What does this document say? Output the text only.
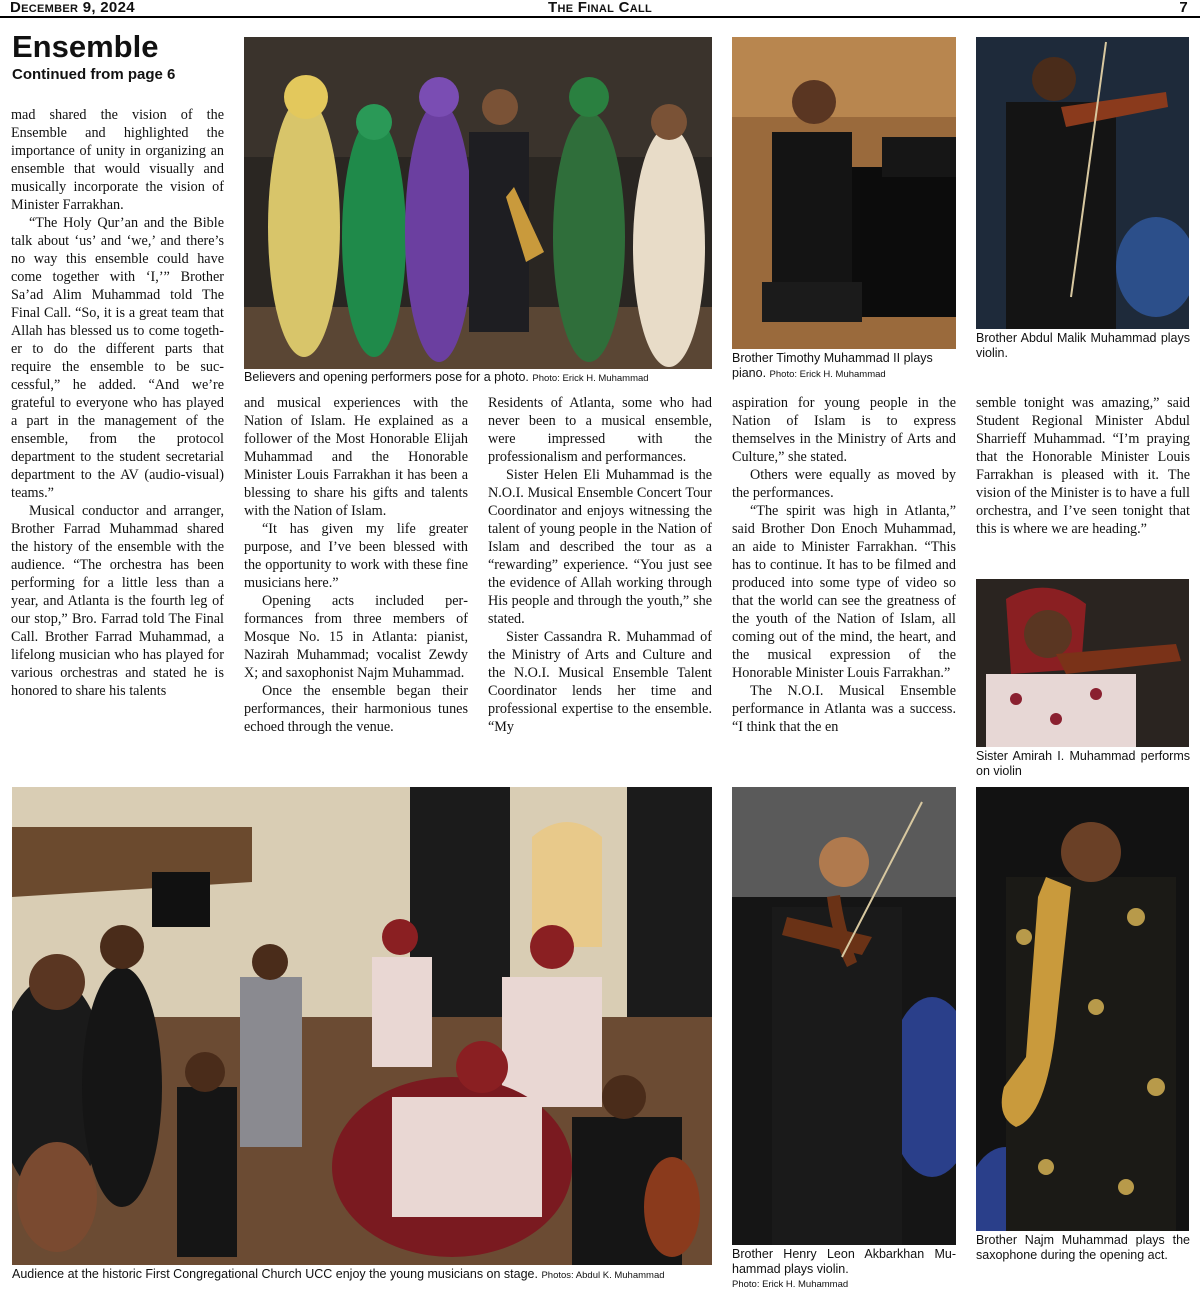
December 9, 2024	The Final Call	7
Ensemble
Continued from page 6

mad shared the vision of the Ensemble and highlighted the importance of unity in organizing an ensemble that would visually and musically incorporate the vision of Minister Farrakhan.

“The Holy Qur’an and the Bible talk about ‘us’ and ‘we,’ and there’s no way this ensemble could have come together with ‘I,’” Brother Sa’ad Alim Muhammad told The Final Call. “So, it is a great team that Allah has blessed us to come together to do the different parts that require the ensemble to be successful,” he added. “And we’re grateful to everyone who has played a part in the management of the ensemble, from the protocol department to the student secretarial department to the AV (audio-visual) teams.”

Musical conductor and arranger, Brother Farrad Muhammad shared the history of the ensemble with the audience. “The orchestra has been performing for a little less than a year, and Atlanta is the fourth leg of our stop,” Bro. Farrad told The Final Call. Brother Farrad Muhammad, a lifelong musician who has played for various orchestras and stated he is honored to share his talents

Believers and opening performers pose for a photo. Photo: Erick H. Muhammad
Brother Timothy Muhammad II plays piano. Photo: Erick H. Muhammad
Brother Abdul Malik Muhammad plays violin.

and musical experiences with the Nation of Islam. He explained as a follower of the Most Honorable Elijah Muhammad and the Honorable Minister Louis Farrakhan it has been a blessing to share his gifts and talents with the Nation of Islam.

“It has given my life greater purpose, and I’ve been blessed with the opportunity to work with these fine musicians here.”

Opening acts included performances from three members of Mosque No. 15 in Atlanta: pianist, Nazirah Muhammad; vocalist Zewdy X; and saxophonist Najm Muhammad.

Once the ensemble began their performances, their harmonious tunes echoed through the venue.

Residents of Atlanta, some who had never been to a musical ensemble, were impressed with the professionalism and performances.

Sister Helen Eli Muhammad is the N.O.I. Musical Ensemble Concert Tour Coordinator and enjoys witnessing the talent of young people in the Nation of Islam and described the tour as a “rewarding” experience. “You just see the evidence of Allah working through His people and through the youth,” she stated.

Sister Cassandra R. Muhammad of the Ministry of Arts and Culture and the N.O.I. Musical Ensemble Talent Coordinator lends her time and professional expertise to the ensemble. “My

aspiration for young people in the Nation of Islam is to express themselves in the Ministry of Arts and Culture,” she stated.

Others were equally as moved by the performances.

“The spirit was high in Atlanta,” said Brother Don Enoch Muhammad, an aide to Minister Farrakhan. “This has to continue. It has to be filmed and produced into some type of video so that the world can see the greatness of the youth of the Nation of Islam, all coming out of the mind, the heart, and the musical expression of the Honorable Minister Louis Farrakhan.”

The N.O.I. Musical Ensemble performance in Atlanta was a success. “I think that the en

semble tonight was amazing,” said Student Regional Minister Abdul Sharrieff Muhammad. “I’m praying that the Honorable Minister Louis Farrakhan is pleased with it. The vision of the Minister is to have a full orchestra, and I’ve seen tonight that this is where we are heading.”

Sister Amirah I. Muhammad performs on violin
Audience at the historic First Congregational Church UCC enjoy the young musicians on stage. Photos: Abdul K. Muhammad
Brother Henry Leon Akbarkhan Muhammad plays violin.
Photo: Erick H. Muhammad
Brother Najm Muhammad plays the saxophone during the opening act.
